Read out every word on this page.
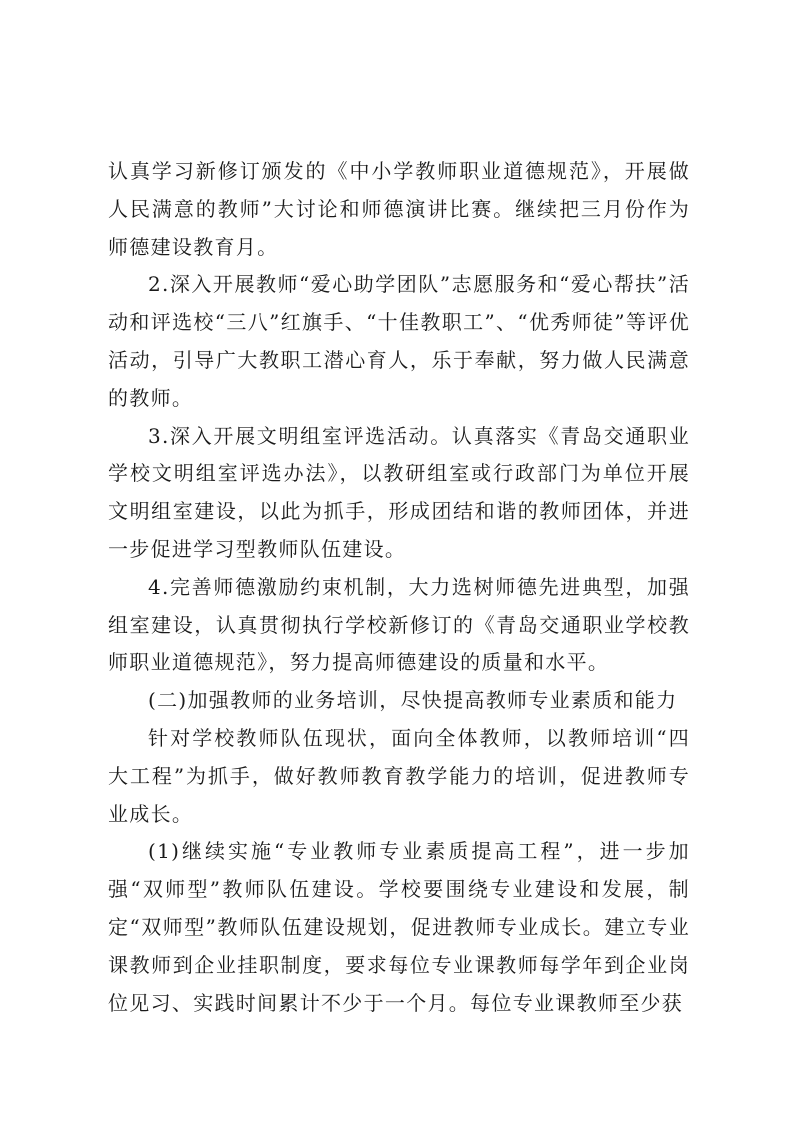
认真学习新修订颁发的《中小学教师职业道德规范》，开展做人民满意的教师”大讨论和师德演讲比赛。继续把三月份作为师德建设教育月。

2.深入开展教师“爱心助学团队”志愿服务和“爱心帮扶”活动和评选校“三八”红旗手、“十佳教职工”、“优秀师徒”等评优活动，引导广大教职工潜心育人，乐于奉献，努力做人民满意的教师。

3.深入开展文明组室评选活动。认真落实《青岛交通职业学校文明组室评选办法》，以教研组室或行政部门为单位开展文明组室建设，以此为抓手，形成团结和谐的教师团体，并进一步促进学习型教师队伍建设。

4.完善师德激励约束机制，大力选树师德先进典型，加强组室建设，认真贯彻执行学校新修订的《青岛交通职业学校教师职业道德规范》，努力提高师德建设的质量和水平。

(二)加强教师的业务培训，尽快提高教师专业素质和能力

针对学校教师队伍现状，面向全体教师，以教师培训“四大工程”为抓手，做好教师教育教学能力的培训，促进教师专业成长。

(1)继续实施“专业教师专业素质提高工程”，进一步加强“双师型”教师队伍建设。学校要围绕专业建设和发展，制定“双师型”教师队伍建设规划，促进教师专业成长。建立专业课教师到企业挂职制度，要求每位专业课教师每学年到企业岗位见习、实践时间累计不少于一个月。每位专业课教师至少获
